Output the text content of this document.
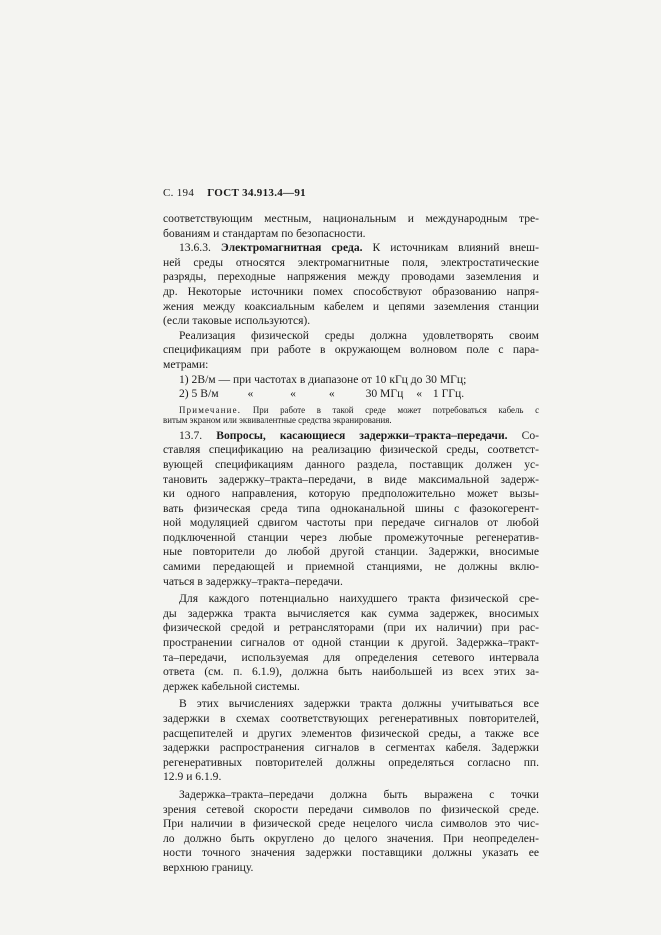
С. 194 ГОСТ 34.913.4—91
соответствующим местным, национальным и международным тре-
бованиям и стандартам по безопасности.
13.6.3. Электромагнитная среда. К источникам влияний внеш-
ней среды относятся электромагнитные поля, электростатические
разряды, переходные напряжения между проводами заземления и
др. Некоторые источники помех способствуют образованию напря-
жения между коаксиальным кабелем и цепями заземления станции
(если таковые используются).
Реализация физической среды должна удовлетворять своим
спецификациям при работе в окружающем волновом поле с пара-
метрами:
1) 2В/м — при частотах в диапазоне от 10 кГц до 30 МГц;
2) 5 В/м «	«	«	30 МГц « 1 ГГц.
Примечание. При работе в такой среде может потребоваться кабель с
витым экраном или эквивалентные средства экранирования.
13.7. Вопросы, касающиеся задержки–тракта–передачи. Со-
ставляя спецификацию на реализацию физической среды, соответст-
вующей спецификациям данного раздела, поставщик должен ус-
тановить задержку–тракта–передачи, в виде максимальной задерж-
ки одного направления, которую предположительно может вызы-
вать физическая среда типа одноканальной шины с фазокогерент-
ной модуляцией сдвигом частоты при передаче сигналов от любой
подключенной станции через любые промежуточные регенератив-
ные повторители до любой другой станции. Задержки, вносимые
самими передающей и приемной станциями, не должны вклю-
чаться в задержку–тракта–передачи.
Для каждого потенциально наихудшего тракта физической сре-
ды задержка тракта вычисляется как сумма задержек, вносимых
физической средой и ретрансляторами (при их наличии) при рас-
пространении сигналов от одной станции к другой. Задержка–тракт-
та–передачи, используемая для определения сетевого интервала
ответа (см. п. 6.1.9), должна быть наибольшей из всех этих за-
держек кабельной системы.
В этих вычислениях задержки тракта должны учитываться все
задержки в схемах соответствующих регенеративных повторителей,
расщепителей и других элементов физической среды, а также все
задержки распространения сигналов в сегментах кабеля. Задержки
регенеративных повторителей должны определяться согласно пп.
12.9 и 6.1.9.
Задержка–тракта–передачи должна быть выражена с точки
зрения сетевой скорости передачи символов по физической среде.
При наличии в физической среде нецелого числа символов это чис-
ло должно быть округлено до целого значения. При неопределен-
ности точного значения задержки поставщики должны указать ее
верхнюю границу.
